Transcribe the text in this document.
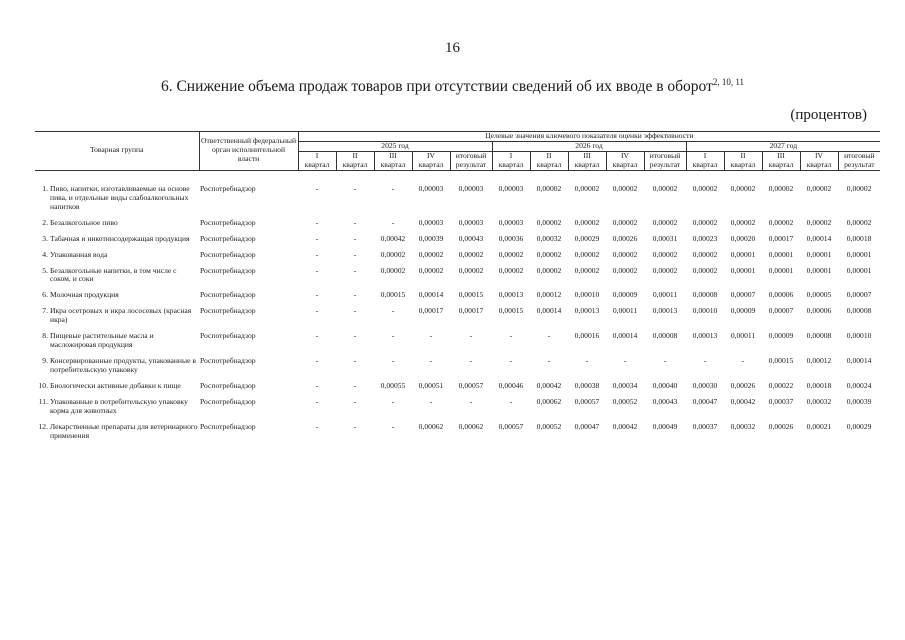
16
6. Снижение объема продаж товаров при отсутствии сведений об их вводе в оборот$^{2, 10, 11}$
(процентов)
Товарная группа		Ответственный федеральный орган исполнительной власти	Целевые значения ключевого показателя оценки эффективности														
			2025 год					2026 год					2027 год				
			I	II	III	IV	итоговый	I	II	III	IV	итоговый	I	II	III	IV	итоговый
			квартал	квартал	квартал	квартал	результат	квартал	квартал	квартал	квартал	результат	квартал	квартал	квартал	квартал	результат

1.	Пиво, напитки, изготавливаемые на основе пива, и отдельные виды слабоалкогольных напитков	Роспотребнадзор	-	-	-	0,00003	0,00003	0,00003	0,00002	0,00002	0,00002	0,00002	0,00002	0,00002	0,00002	0,00002	0,00002
2.	Безалкогольное пиво	Роспотребнадзор	-	-	-	0,00003	0,00003	0,00003	0,00002	0,00002	0,00002	0,00002	0,00002	0,00002	0,00002	0,00002	0,00002
3.	Табачная и никотинсодержащая продукция	Роспотребнадзор	-	-	0,00042	0,00039	0,00043	0,00036	0,00032	0,00029	0,00026	0,00031	0,00023	0,00020	0,00017	0,00014	0,00018
4.	Упакованная вода	Роспотребнадзор	-	-	0,00002	0,00002	0,00002	0,00002	0,00002	0,00002	0,00002	0,00002	0,00002	0,00001	0,00001	0,00001	0,00001
5.	Безалкогольные напитки, в том числе с соком, и соки	Роспотребнадзор	-	-	0,00002	0,00002	0,00002	0,00002	0,00002	0,00002	0,00002	0,00002	0,00002	0,00001	0,00001	0,00001	0,00001
6.	Молочная продукция	Роспотребнадзор	-	-	0,00015	0,00014	0,00015	0,00013	0,00012	0,00010	0,00009	0,00011	0,00008	0,00007	0,00006	0,00005	0,00007
7.	Икра осетровых и икра лососевых (красная икра)	Роспотребнадзор	-	-	-	0,00017	0,00017	0,00015	0,00014	0,00013	0,00011	0,00013	0,00010	0,00009	0,00007	0,00006	0,00008
8.	Пищевые растительные масла и масложировая продукция	Роспотребнадзор	-	-	-	-	-	-	-	0,00016	0,00014	0,00008	0,00013	0,00011	0,00009	0,00008	0,00010
9.	Консервированные продукты, упакованные в потребительскую упаковку	Роспотребнадзор	-	-	-	-	-	-	-	-	-	-	-	-	0,00015	0,00012	0,00014
10.	Биологически активные добавки к пище	Роспотребнадзор	-	-	0,00055	0,00051	0,00057	0,00046	0,00042	0,00038	0,00034	0,00040	0,00030	0,00026	0,00022	0,00018	0,00024
11.	Упакованные в потребительскую упаковку корма для животных	Роспотребнадзор	-	-	-	-	-	-	0,00062	0,00057	0,00052	0,00043	0,00047	0,00042	0,00037	0,00032	0,00039
12.	Лекарственные препараты для ветеринарного применения	Роспотребнадзор	-	-	-	0,00062	0,00062	0,00057	0,00052	0,00047	0,00042	0,00049	0,00037	0,00032	0,00026	0,00021	0,00029
